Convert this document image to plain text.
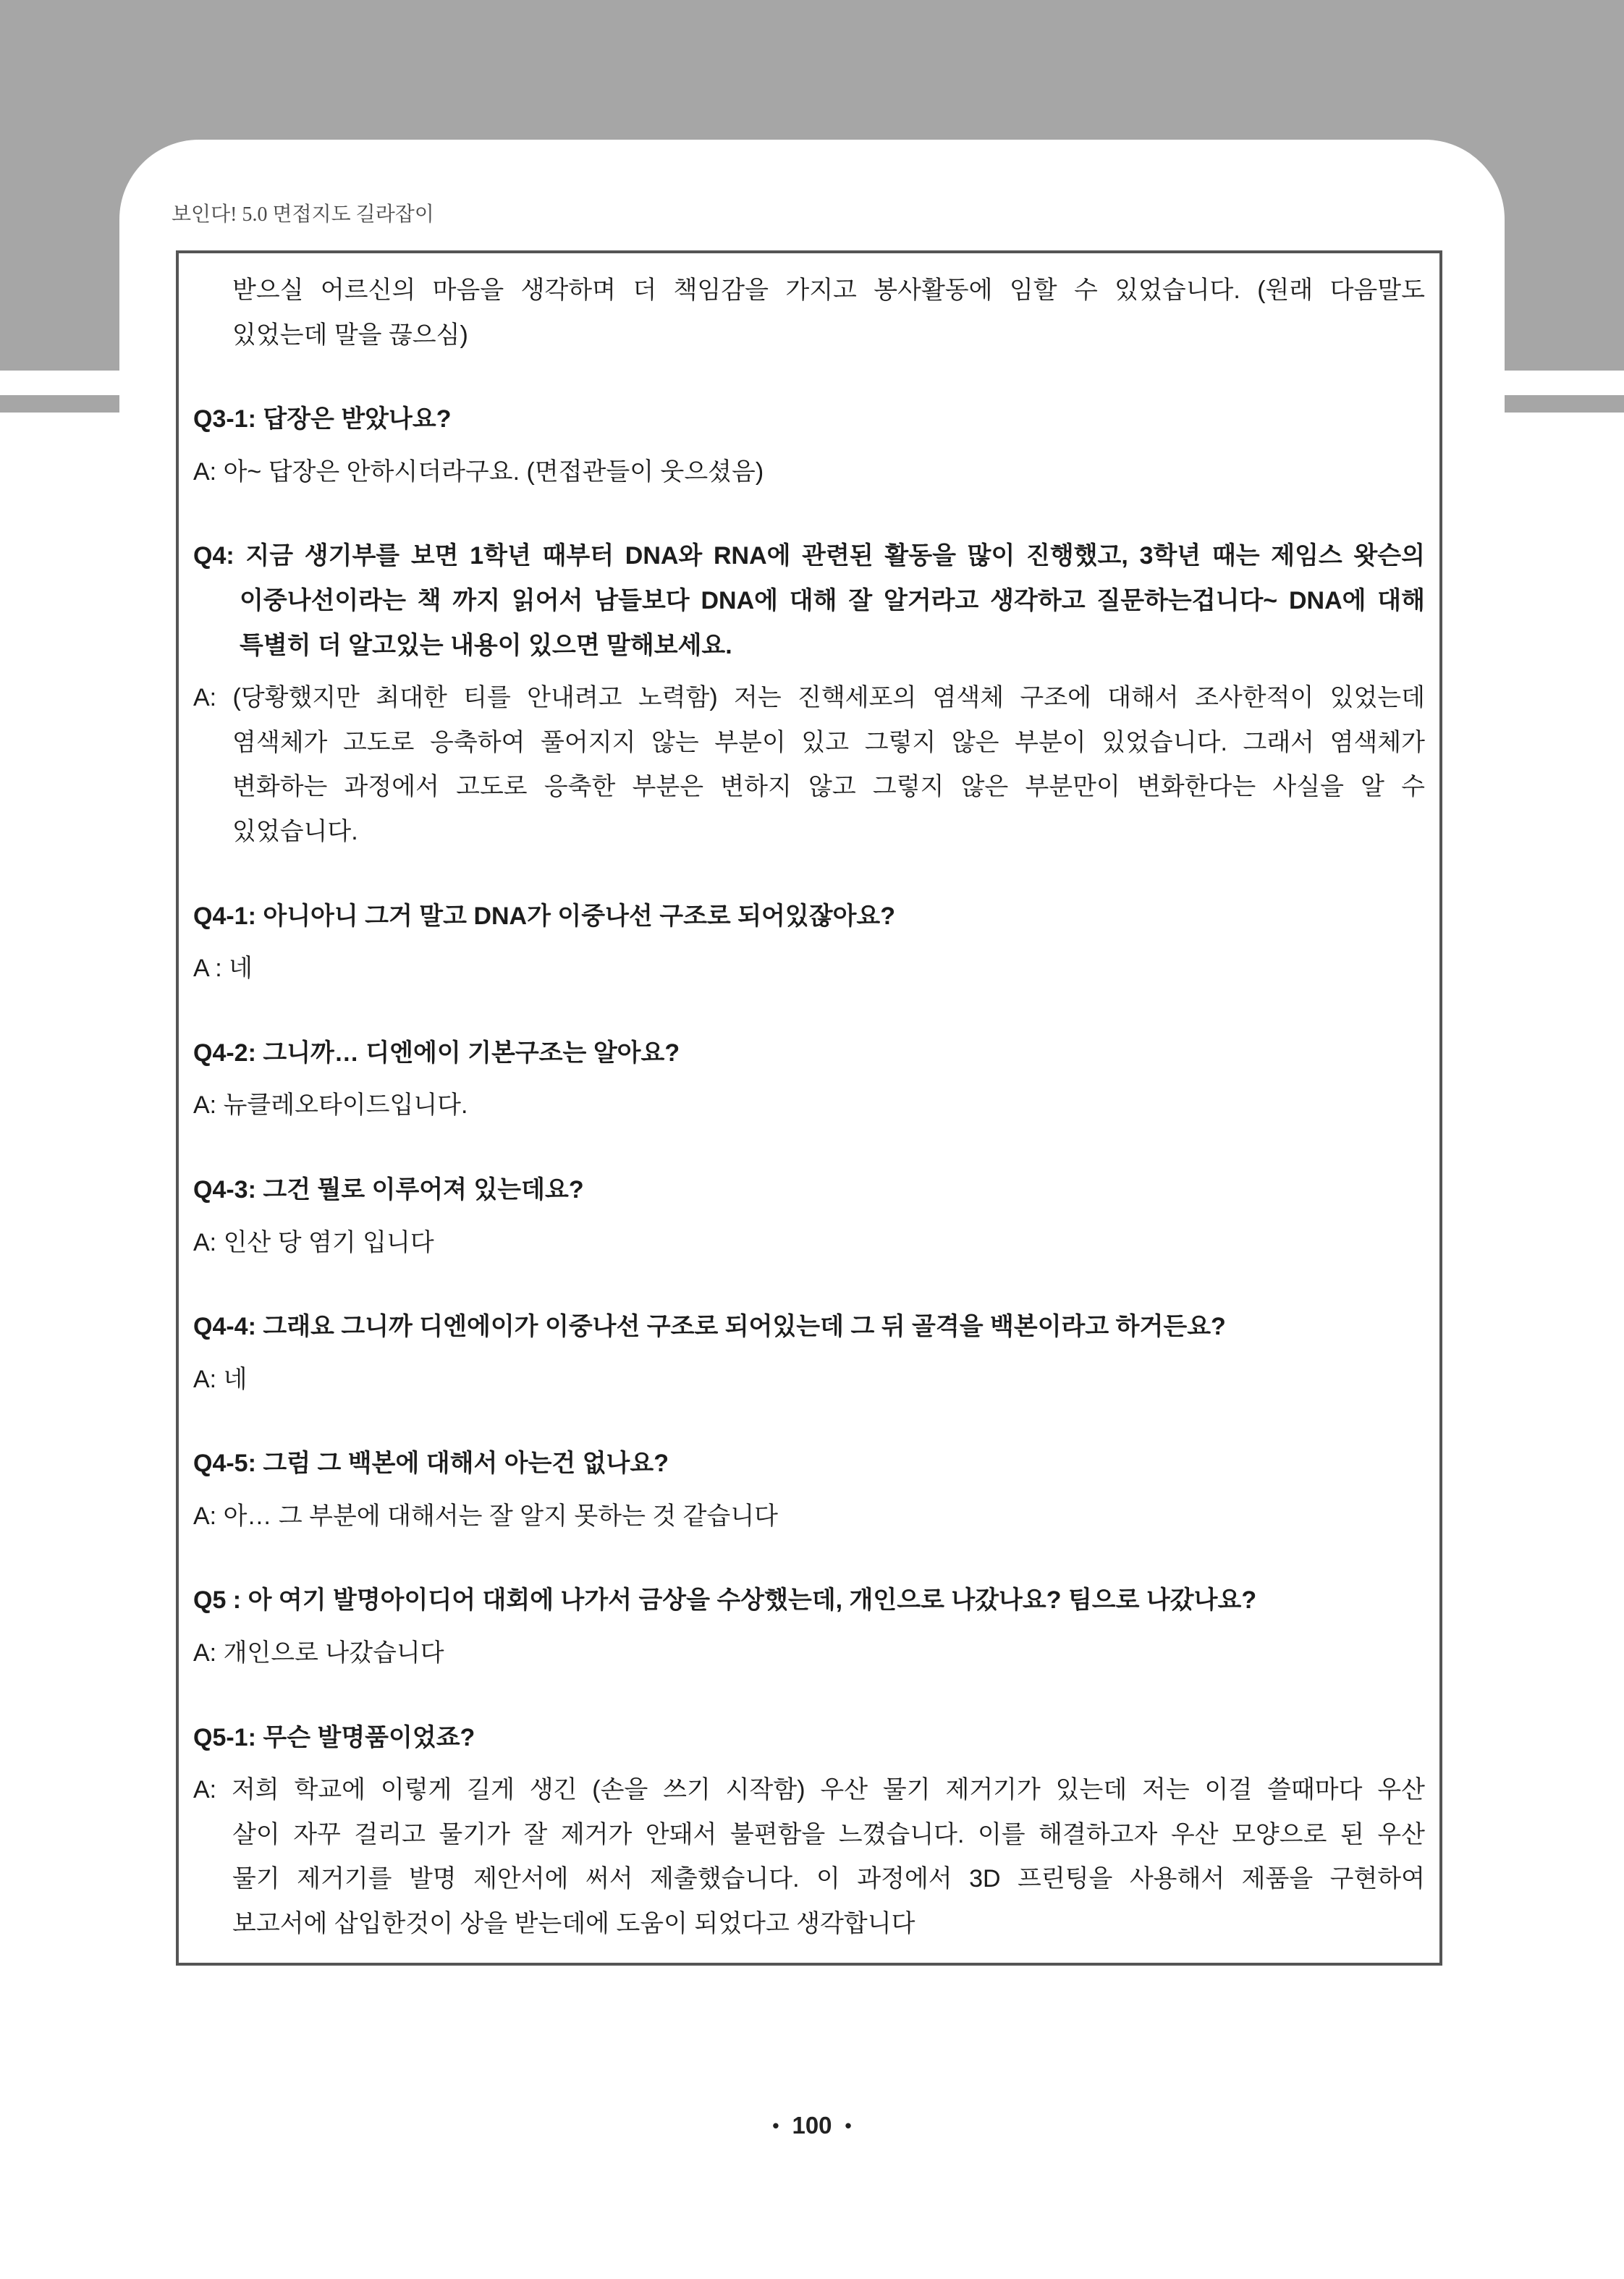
보인다! 5.0 면접지도 길라잡이
받으실 어르신의 마음을 생각하며 더 책임감을 가지고 봉사활동에 임할 수 있었습니다. (원래 다음말도
있었는데 말을 끊으심)
Q3-1: 답장은 받았나요?
A: 아~ 답장은 안하시더라구요. (면접관들이 웃으셨음)
Q4: 지금 생기부를 보면 1학년 때부터 DNA와 RNA에 관련된 활동을 많이 진행했고, 3학년 때는 제임스 왓슨의
이중나선이라는 책 까지 읽어서 남들보다 DNA에 대해 잘 알거라고 생각하고 질문하는겁니다~ DNA에 대해
특별히 더 알고있는 내용이 있으면 말해보세요.
A: (당황했지만 최대한 티를 안내려고 노력함) 저는 진핵세포의 염색체 구조에 대해서 조사한적이 있었는데
염색체가 고도로 응축하여 풀어지지 않는 부분이 있고 그렇지 않은 부분이 있었습니다. 그래서 염색체가
변화하는 과정에서 고도로 응축한 부분은 변하지 않고 그렇지 않은 부분만이 변화한다는 사실을 알 수
있었습니다.
Q4-1: 아니아니 그거 말고 DNA가 이중나선 구조로 되어있잖아요?
A : 네
Q4-2: 그니까… 디엔에이 기본구조는 알아요?
A: 뉴클레오타이드입니다.
Q4-3: 그건 뭘로 이루어져 있는데요?
A: 인산 당 염기 입니다
Q4-4: 그래요 그니까 디엔에이가 이중나선 구조로 되어있는데 그 뒤 골격을 백본이라고 하거든요?
A: 네
Q4-5: 그럼 그 백본에 대해서 아는건 없나요?
A: 아… 그 부분에 대해서는 잘 알지 못하는 것 같습니다
Q5 : 아 여기 발명아이디어 대회에 나가서 금상을 수상했는데, 개인으로 나갔나요? 팀으로 나갔나요?
A: 개인으로 나갔습니다
Q5-1: 무슨 발명품이었죠?
A: 저희 학교에 이렇게 길게 생긴 (손을 쓰기 시작함) 우산 물기 제거기가 있는데 저는 이걸 쓸때마다 우산
살이 자꾸 걸리고 물기가 잘 제거가 안돼서 불편함을 느꼈습니다. 이를 해결하고자 우산 모양으로 된 우산
물기 제거기를 발명 제안서에 써서 제출했습니다. 이 과정에서 3D 프린팅을 사용해서 제품을 구현하여
보고서에 삽입한것이 상을 받는데에 도움이 되었다고 생각합니다
• 100 •
